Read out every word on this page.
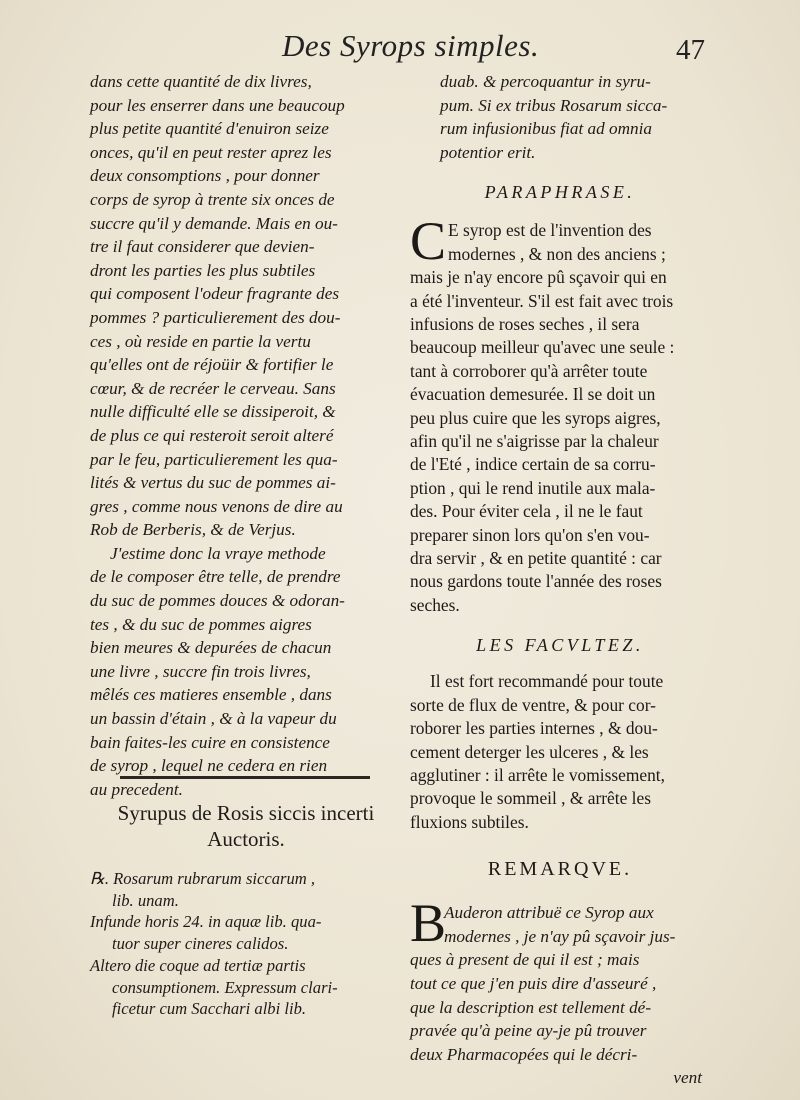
Des Syrops simples.	47
dans cette quantité de dix livres,
pour les enserrer dans une beaucoup
plus petite quantité d'enuiron seize
onces, qu'il en peut rester aprez les
deux consomptions , pour donner
corps de syrop à trente six onces de
succre qu'il y demande. Mais en ou-
tre il faut considerer que devien-
dront les parties les plus subtiles
qui composent l'odeur fragrante des
pommes ? particulierement des dou-
ces , où reside en partie la vertu
qu'elles ont de réjoüir & fortifier le
cœur, & de recréer le cerveau. Sans
nulle difficulté elle se dissiperoit, &
de plus ce qui resteroit seroit alteré
par le feu, particulierement les qua-
lités & vertus du suc de pommes ai-
gres , comme nous venons de dire au
Rob de Berberis, & de Verjus.
J'estime donc la vraye methode
de le composer être telle, de prendre
du suc de pommes douces & odoran-
tes , & du suc de pommes aigres
bien meures & depurées de chacun
une livre , succre fin trois livres,
mêlés ces matieres ensemble , dans
un bassin d'étain , & à la vapeur du
bain faites-les cuire en consistence
de syrop , lequel ne cedera en rien
au precedent.
Syrupus de Rosis siccis incerti
Auctoris.
℞. Rosarum rubrarum siccarum ,
lib. unam.
Infunde horis 24. in aquæ lib. qua-
tuor super cineres calidos.
Altero die coque ad tertiæ partis
consumptionem. Expressum clari-
ficetur cum Sacchari albi lib.
duab. & percoquantur in syru-
pum. Si ex tribus Rosarum sicca-
rum infusionibus fiat ad omnia
potentior erit.
PARAPHRASE.
C E syrop est de l'invention des
modernes , & non des anciens ;
mais je n'ay encore pû sçavoir qui en
a été l'inventeur. S'il est fait avec trois
infusions de roses seches , il sera
beaucoup meilleur qu'avec une seule :
tant à corroborer qu'à arrêter toute
évacuation demesurée. Il se doit un
peu plus cuire que les syrops aigres,
afin qu'il ne s'aigrisse par la chaleur
de l'Eté , indice certain de sa corru-
ption , qui le rend inutile aux mala-
des. Pour éviter cela , il ne le faut
preparer sinon lors qu'on s'en vou-
dra servir , & en petite quantité : car
nous gardons toute l'année des roses
seches.
LES FACVLTEZ.
Il est fort recommandé pour toute
sorte de flux de ventre, & pour cor-
roborer les parties internes , & dou-
cement deterger les ulceres , & les
agglutiner : il arrête le vomissement,
provoque le sommeil , & arrête les
fluxions subtiles.
REMARQVE.
B
Auderon attribuë ce Syrop aux
modernes , je n'ay pû sçavoir jus-
ques à present de qui il est ; mais
tout ce que j'en puis dire d'asseuré ,
que la description est tellement dé-
pravée qu'à peine ay-je pû trouver
deux Pharmacopées qui le décri-
vent
